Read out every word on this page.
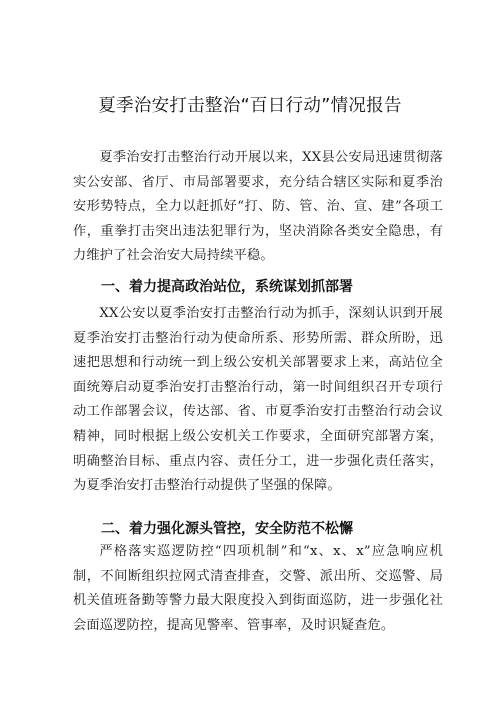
夏季治安打击整治“百日行动”情况报告

夏季治安打击整治行动开展以来，XX县公安局迅速贯彻落实公安部、省厅、市局部署要求，充分结合辖区实际和夏季治安形势特点，全力以赶抓好“打、防、管、治、宣、建”各项工作，重拳打击突出违法犯罪行为，坚决消除各类安全隐患，有力维护了社会治安大局持续平稳。

一、着力提高政治站位，系统谋划抓部署

XX公安以夏季治安打击整治行动为抓手，深刻认识到开展夏季治安打击整治行动为使命所系、形势所需、群众所盼，迅速把思想和行动统一到上级公安机关部署要求上来，高站位全面统筹启动夏季治安打击整治行动，第一时间组织召开专项行动工作部署会议，传达部、省、市夏季治安打击整治行动会议精神，同时根据上级公安机关工作要求，全面研究部署方案，明确整治目标、重点内容、责任分工，进一步强化责任落实，为夏季治安打击整治行动提供了坚强的保障。

二、着力强化源头管控，安全防范不松懈

严格落实巡逻防控“四项机制”和“x、x、x”应急响应机制，不间断组织拉网式清查排查，交警、派出所、交巡警、局机关值班备勤等警力最大限度投入到街面巡防，进一步强化社会面巡逻防控，提高见警率、管事率，及时识疑查危。
